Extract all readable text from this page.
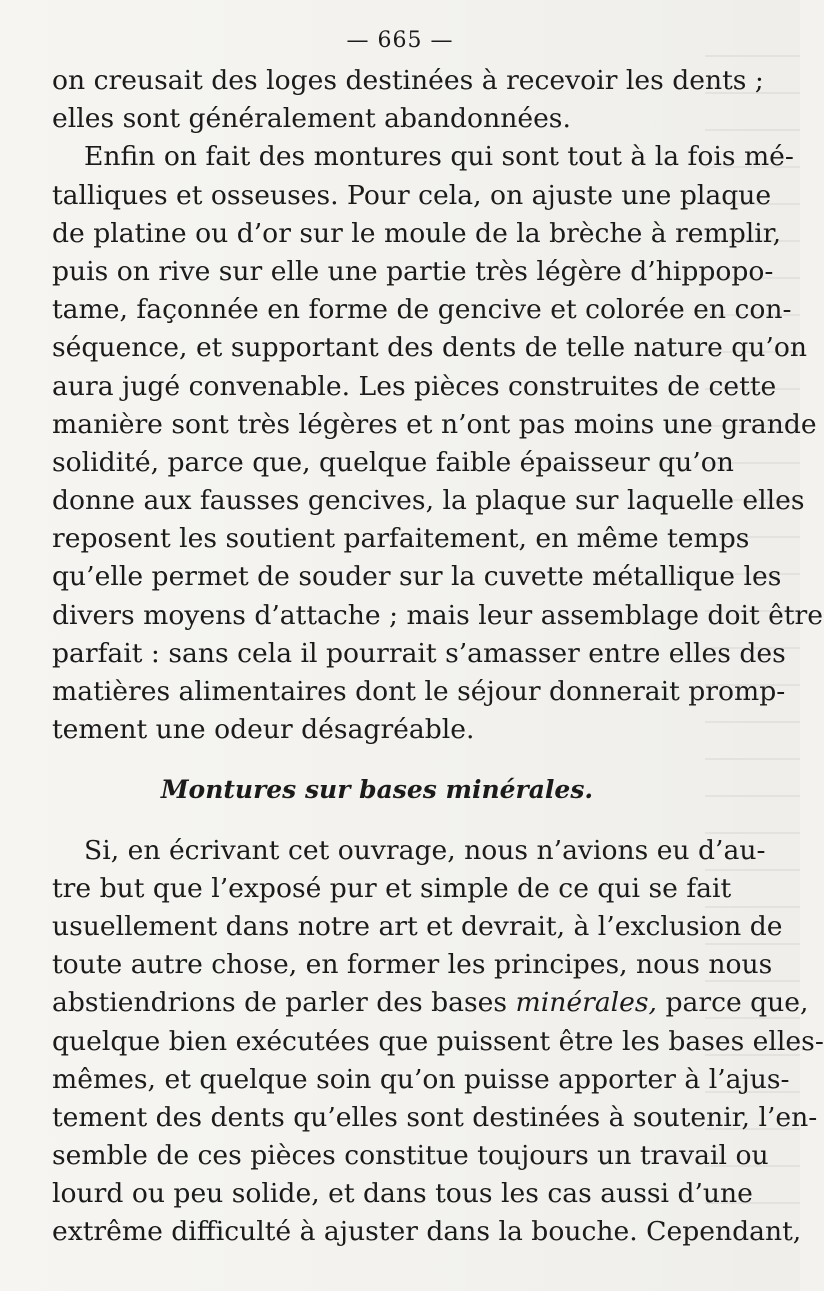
— 665 —

on creusait des loges destinées à recevoir les dents ;
elles sont généralement abandonnées.

Enfin on fait des montures qui sont tout à la fois mé-
talliques et osseuses. Pour cela, on ajuste une plaque
de platine ou d’or sur le moule de la brèche à remplir,
puis on rive sur elle une partie très légère d’hippopo-
tame, façonnée en forme de gencive et colorée en con-
séquence, et supportant des dents de telle nature qu’on
aura jugé convenable. Les pièces construites de cette
manière sont très légères et n’ont pas moins une grande
solidité, parce que, quelque faible épaisseur qu’on
donne aux fausses gencives, la plaque sur laquelle elles
reposent les soutient parfaitement, en même temps
qu’elle permet de souder sur la cuvette métallique les
divers moyens d’attache ; mais leur assemblage doit être
parfait : sans cela il pourrait s’amasser entre elles des
matières alimentaires dont le séjour donnerait promp-
tement une odeur désagréable.

Montures sur bases minérales.

Si, en écrivant cet ouvrage, nous n’avions eu d’au-
tre but que l’exposé pur et simple de ce qui se fait
usuellement dans notre art et devrait, à l’exclusion de
toute autre chose, en former les principes, nous nous
abstiendrions de parler des bases minérales, parce que,
quelque bien exécutées que puissent être les bases elles-
mêmes, et quelque soin qu’on puisse apporter à l’ajus-
tement des dents qu’elles sont destinées à soutenir, l’en-
semble de ces pièces constitue toujours un travail ou
lourd ou peu solide, et dans tous les cas aussi d’une
extrême difficulté à ajuster dans la bouche. Cependant,
